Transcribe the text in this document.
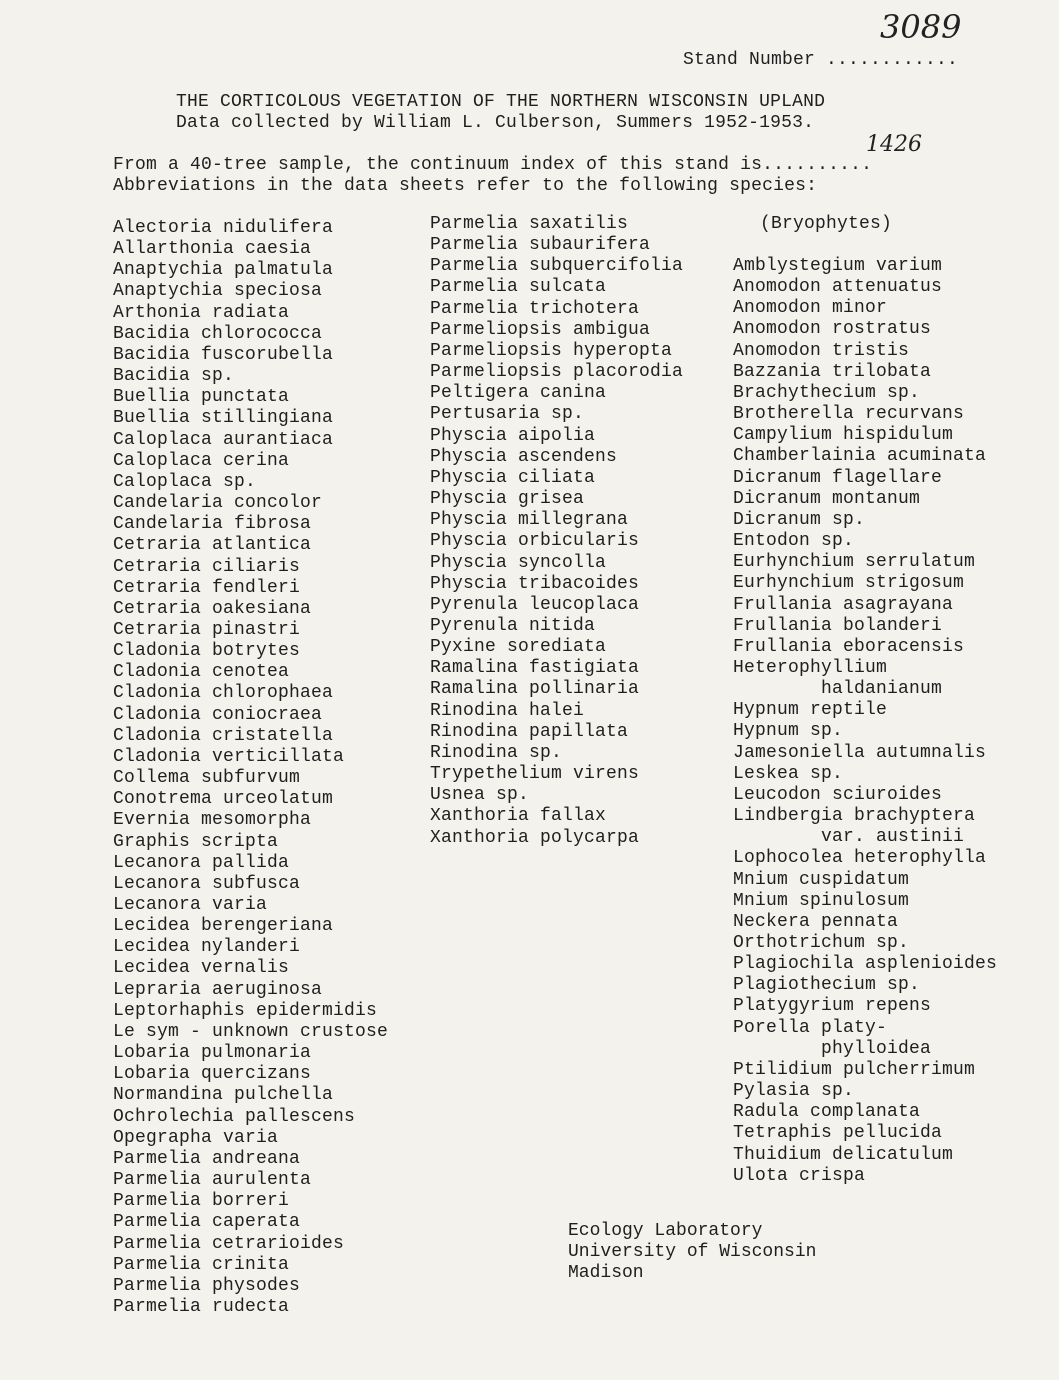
3089
Stand Number ............
THE CORTICOLOUS VEGETATION OF THE NORTHERN WISCONSIN UPLAND
Data collected by William L. Culberson, Summers 1952-1953.
1426
From a 40-tree sample, the continuum index of this stand is..........
Abbreviations in the data sheets refer to the following species:
Alectoria nidulifera
Allarthonia caesia
Anaptychia palmatula
Anaptychia speciosa
Arthonia radiata
Bacidia chlorococca
Bacidia fuscorubella
Bacidia sp.
Buellia punctata
Buellia stillingiana
Caloplaca aurantiaca
Caloplaca cerina
Caloplaca sp.
Candelaria concolor
Candelaria fibrosa
Cetraria atlantica
Cetraria ciliaris
Cetraria fendleri
Cetraria oakesiana
Cetraria pinastri
Cladonia botrytes
Cladonia cenotea
Cladonia chlorophaea
Cladonia coniocraea
Cladonia cristatella
Cladonia verticillata
Collema subfurvum
Conotrema urceolatum
Evernia mesomorpha
Graphis scripta
Lecanora pallida
Lecanora subfusca
Lecanora varia
Lecidea berengeriana
Lecidea nylanderi
Lecidea vernalis
Lepraria aeruginosa
Leptorhaphis epidermidis
Le sym - unknown crustose
Lobaria pulmonaria
Lobaria quercizans
Normandina pulchella
Ochrolechia pallescens
Opegrapha varia
Parmelia andreana
Parmelia aurulenta
Parmelia borreri
Parmelia caperata
Parmelia cetrarioides
Parmelia crinita
Parmelia physodes
Parmelia rudecta
Parmelia saxatilis
Parmelia subaurifera
Parmelia subquercifolia
Parmelia sulcata
Parmelia trichotera
Parmeliopsis ambigua
Parmeliopsis hyperopta
Parmeliopsis placorodia
Peltigera canina
Pertusaria sp.
Physcia aipolia
Physcia ascendens
Physcia ciliata
Physcia grisea
Physcia millegrana
Physcia orbicularis
Physcia syncolla
Physcia tribacoides
Pyrenula leucoplaca
Pyrenula nitida
Pyxine sorediata
Ramalina fastigiata
Ramalina pollinaria
Rinodina halei
Rinodina papillata
Rinodina sp.
Trypethelium virens
Usnea sp.
Xanthoria fallax
Xanthoria polycarpa
(Bryophytes)
Amblystegium varium
Anomodon attenuatus
Anomodon minor
Anomodon rostratus
Anomodon tristis
Bazzania trilobata
Brachythecium sp.
Brotherella recurvans
Campylium hispidulum
Chamberlainia acuminata
Dicranum flagellare
Dicranum montanum
Dicranum sp.
Entodon sp.
Eurhynchium serrulatum
Eurhynchium strigosum
Frullania asagrayana
Frullania bolanderi
Frullania eboracensis
Heterophyllium
haldanianum
Hypnum reptile
Hypnum sp.
Jamesoniella autumnalis
Leskea sp.
Leucodon sciuroides
Lindbergia brachyptera
var. austinii
Lophocolea heterophylla
Mnium cuspidatum
Mnium spinulosum
Neckera pennata
Orthotrichum sp.
Plagiochila asplenioides
Plagiothecium sp.
Platygyrium repens
Porella platy-
phylloidea
Ptilidium pulcherrimum
Pylasia sp.
Radula complanata
Tetraphis pellucida
Thuidium delicatulum
Ulota crispa
Ecology Laboratory
University of Wisconsin
Madison
